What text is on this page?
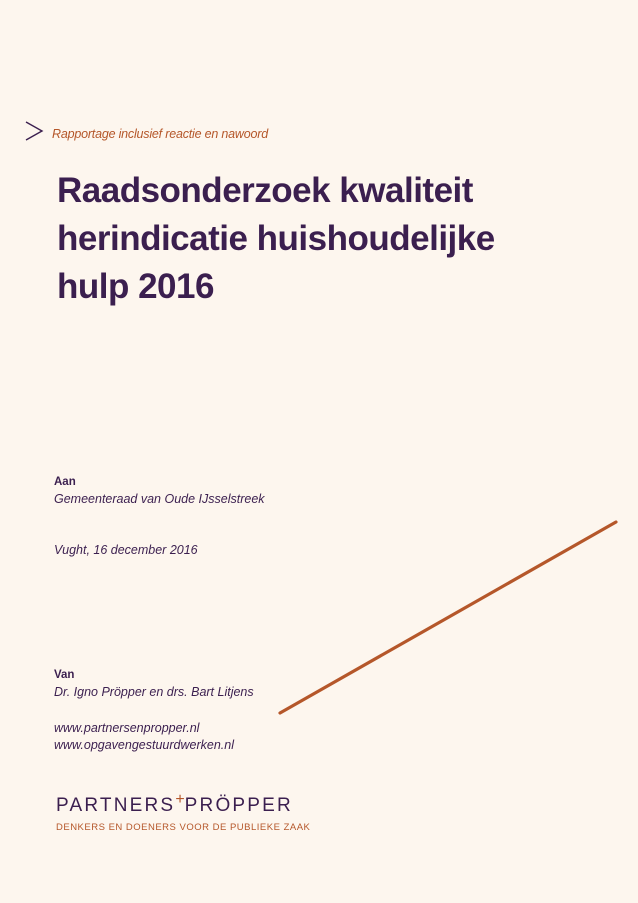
Rapportage inclusief reactie en nawoord
Raadsonderzoek kwaliteit
herindicatie huishoudelijke
hulp 2016
Aan
Gemeenteraad van Oude IJsselstreek
Vught, 16 december 2016
Van
Dr. Igno Pröpper en drs. Bart Litjens
www.partnersenpropper.nl
www.opgavengestuurdwerken.nl
PARTNERS+PRÖPPER
DENKERS EN DOENERS VOOR DE PUBLIEKE ZAAK
